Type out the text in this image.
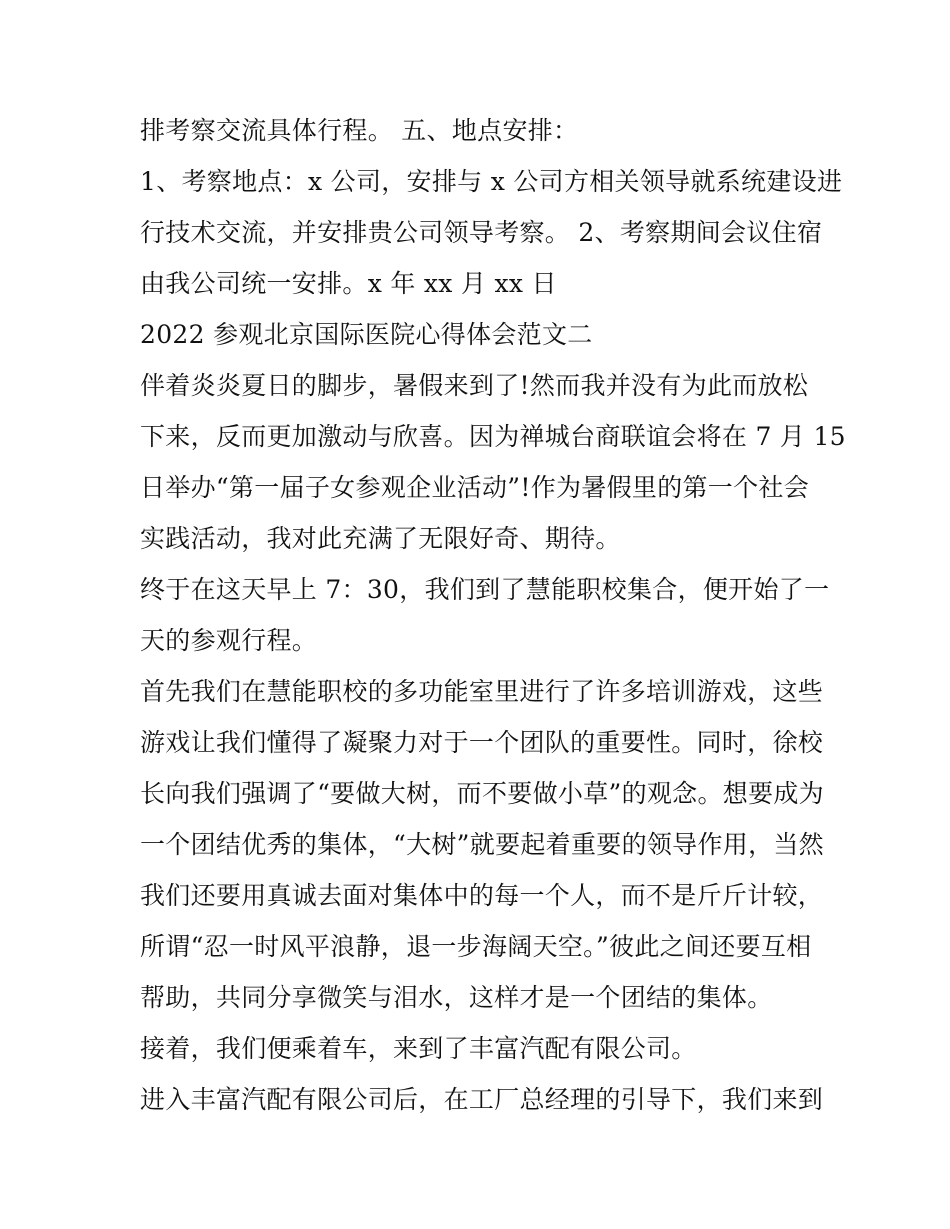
排考察交流具体行程。 五、地点安排：
1、考察地点：x 公司，安排与 x 公司方相关领导就系统建设进
行技术交流，并安排贵公司领导考察。 2、考察期间会议住宿
由我公司统一安排。x 年 xx 月 xx 日
2022 参观北京国际医院心得体会范文二
伴着炎炎夏日的脚步，暑假来到了!然而我并没有为此而放松
下来，反而更加激动与欣喜。因为禅城台商联谊会将在 7 月 15
日举办“第一届子女参观企业活动”!作为暑假里的第一个社会
实践活动，我对此充满了无限好奇、期待。
终于在这天早上 7：30，我们到了慧能职校集合，便开始了一
天的参观行程。
首先我们在慧能职校的多功能室里进行了许多培训游戏，这些
游戏让我们懂得了凝聚力对于一个团队的重要性。同时，徐校
长向我们强调了“要做大树，而不要做小草”的观念。想要成为
一个团结优秀的集体，“大树”就要起着重要的领导作用，当然
我们还要用真诚去面对集体中的每一个人，而不是斤斤计较，
所谓“忍一时风平浪静，退一步海阔天空。”彼此之间还要互相
帮助，共同分享微笑与泪水，这样才是一个团结的集体。
接着，我们便乘着车，来到了丰富汽配有限公司。
进入丰富汽配有限公司后，在工厂总经理的引导下，我们来到
